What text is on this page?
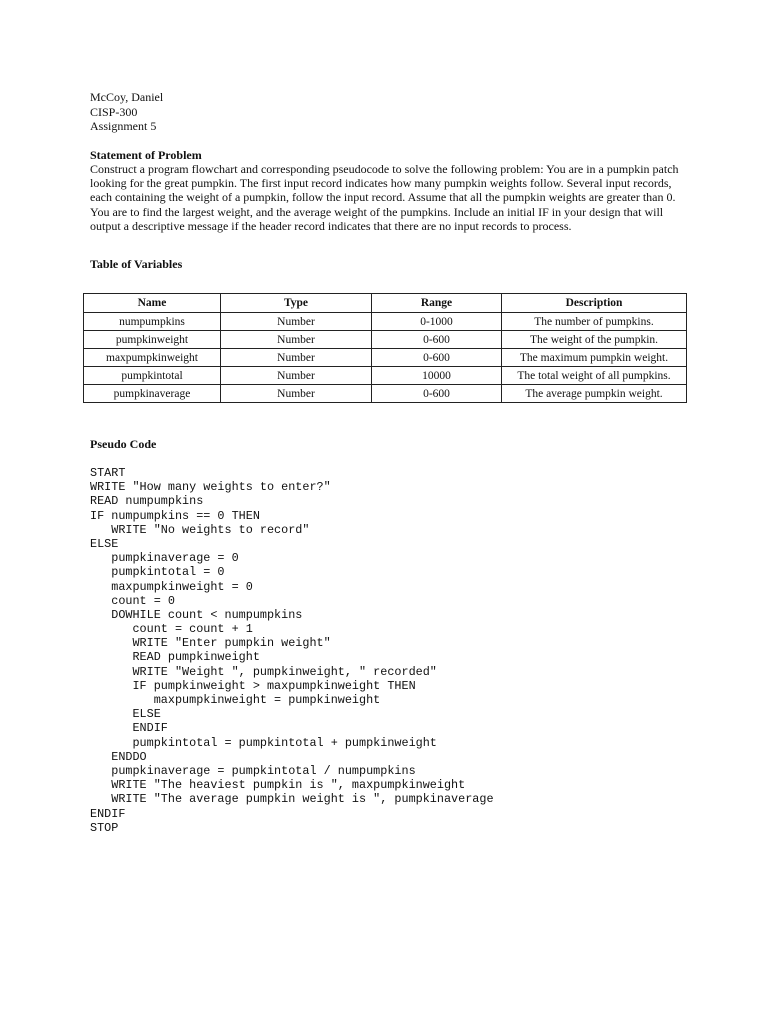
McCoy, Daniel
CISP-300
Assignment 5
Statement of Problem

Construct a program flowchart and corresponding pseudocode to solve the following problem: You are in a pumpkin patch looking for the great pumpkin. The first input record indicates how many pumpkin weights follow. Several input records, each containing the weight of a pumpkin, follow the input record. Assume that all the pumpkin weights are greater than 0. You are to find the largest weight, and the average weight of the pumpkins. Include an initial IF in your design that will output a descriptive message if the header record indicates that there are no input records to process.

Table of Variables
Name	Type	Range	Description
numpumpkins	Number	0-1000	The number of pumpkins.
pumpkinweight	Number	0-600	The weight of the pumpkin.
maxpumpkinweight	Number	0-600	The maximum pumpkin weight.
pumpkintotal	Number	10000	The total weight of all pumpkins.
pumpkinaverage	Number	0-600	The average pumpkin weight.
Pseudo Code
START
WRITE "How many weights to enter?"
READ numpumpkins
IF numpumpkins == 0 THEN
WRITE "No weights to record"
ELSE
pumpkinaverage = 0
pumpkintotal = 0
maxpumpkinweight = 0
count = 0
DOWHILE count < numpumpkins
count = count + 1
WRITE "Enter pumpkin weight"
READ pumpkinweight
WRITE "Weight ", pumpkinweight, " recorded"
IF pumpkinweight > maxpumpkinweight THEN
maxpumpkinweight = pumpkinweight
ELSE
ENDIF
pumpkintotal = pumpkintotal + pumpkinweight
ENDDO
pumpkinaverage = pumpkintotal / numpumpkins
WRITE "The heaviest pumpkin is ", maxpumpkinweight
WRITE "The average pumpkin weight is ", pumpkinaverage
ENDIF
STOP
